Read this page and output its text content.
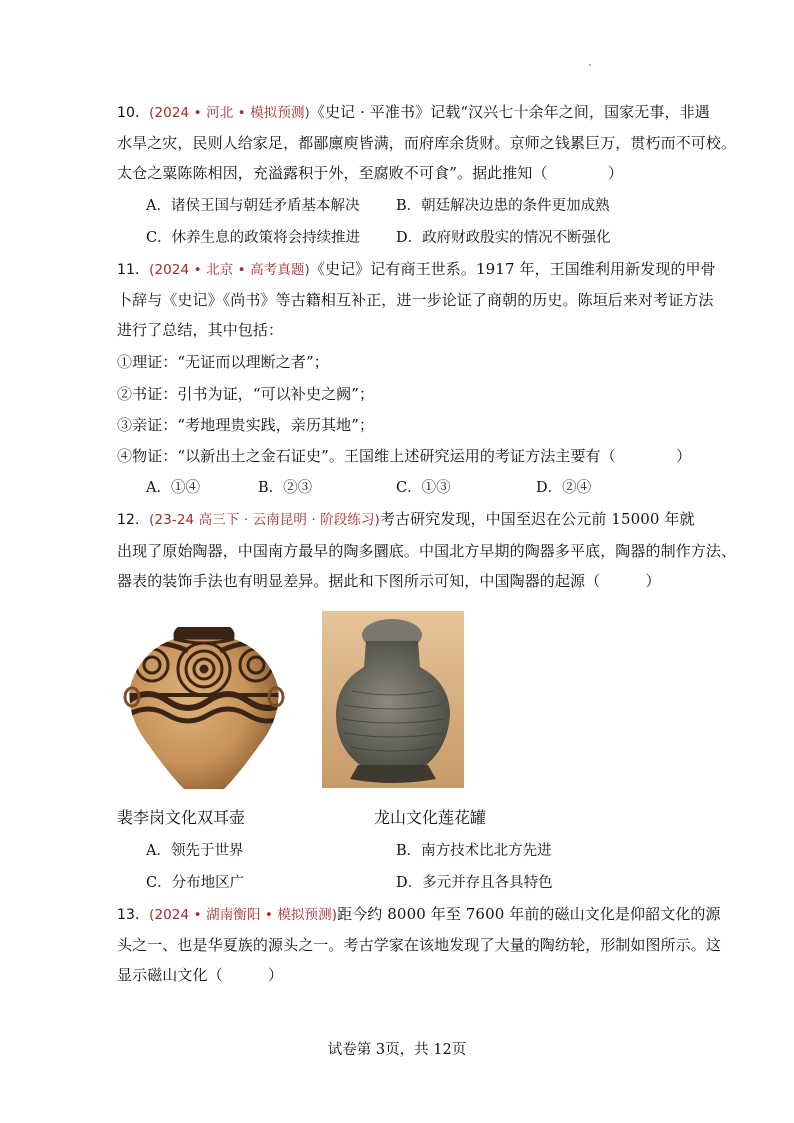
10．(2024 • 河北 • 模拟预测)《史记 · 平准书》记载“汉兴七十余年之间，国家无事，非遇
水旱之灾，民则人给家足，都鄙廪庾皆满，而府库余货财。京师之钱累巨万，贯朽而不可校。
太仓之粟陈陈相因，充溢露积于外，至腐败不可食”。据此推知（　　　　）
A．诸侯王国与朝廷矛盾基本解决	B．朝廷解决边患的条件更加成熟
C．休养生息的政策将会持续推进 D．政府财政殷实的情况不断强化
11．(2024 • 北京 • 高考真题)《史记》记有商王世系。1917 年，王国维利用新发现的甲骨
卜辞与《史记》《尚书》等古籍相互补正，进一步论证了商朝的历史。陈垣后来对考证方法
进行了总结，其中包括：
①理证：“无证而以理断之者”；
②书证：引书为证，“可以补史之阙”；
③亲证：“考地理贵实践，亲历其地”；
④物证：“以新出土之金石证史”。王国维上述研究运用的考证方法主要有（　　　　）
A．①④	B．②③	C．①③	D．②④
12．(23-24 高三下 · 云南昆明 · 阶段练习)考古研究发现，中国至迟在公元前 15000 年就
出现了原始陶器，中国南方最早的陶多圜底。中国北方早期的陶器多平底，陶器的制作方法、
器表的装饰手法也有明显差异。据此和下图所示可知，中国陶器的起源（　　　）
裴李岗文化双耳壶	龙山文化莲花罐
A．领先于世界	B．南方技术比北方先进
C．分布地区广	D．多元并存且各具特色
13．(2024 • 湖南衡阳 • 模拟预测)距今约 8000 年至 7600 年前的磁山文化是仰韶文化的源
头之一、也是华夏族的源头之一。考古学家在该地发现了大量的陶纺轮，形制如图所示。这
显示磁山文化（　　　）
试卷第 3页，共 12页
